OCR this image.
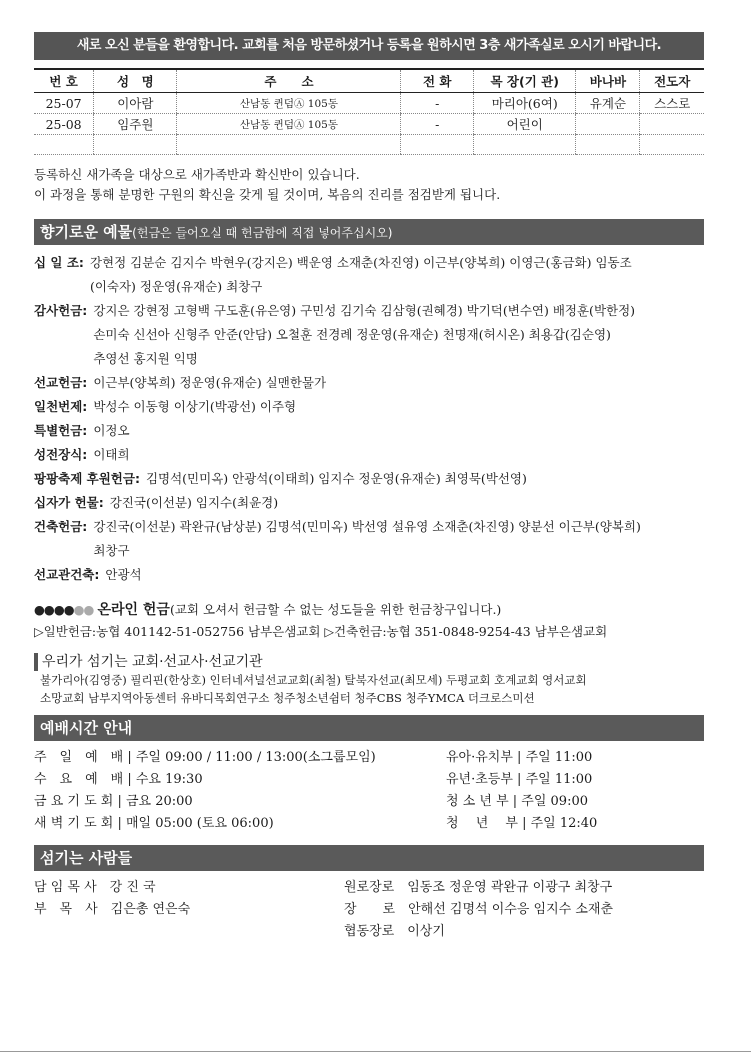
새로 오신 분들을 환영합니다. 교회를 처음 방문하셨거나 등록을 원하시면 3층 새가족실로 오시기 바랍니다.
번 호	성　명	주　　소	전 화	목 장(기 관)	바나바	전도자
25-07	이아람	산남동 퀸덤Ⓐ 105동	-	마리아(6여)	유계순	스스로
25-08	임주원	산남동 퀸덤Ⓐ 105동	-	어린이		

등록하신 새가족을 대상으로 새가족반과 확신반이 있습니다.
이 과정을 통해 분명한 구원의 확신을 갖게 될 것이며, 복음의 진리를 점검받게 됩니다.
향기로운 예물(헌금은 들어오실 때 헌금함에 직접 넣어주십시오)
십 일 조: 강현정 김분순 김지수 박현우(강지은) 백운영 소재춘(차진영) 이근부(양복희) 이영근(홍금화) 임동조
(이숙자) 정운영(유재순) 최창구
감사헌금: 강지은 강현정 고형백 구도훈(유은영) 구민성 김기숙 김삼형(권혜경) 박기덕(변수연) 배정훈(박한정)
손미숙 신선아 신형주 안준(안담) 오철훈 전경례 정운영(유재순) 천명재(허시온) 최용갑(김순영)
추영선 홍지원 익명
선교헌금: 이근부(양복희) 정운영(유재순) 실맨한물가
일천번제: 박성수 이동형 이상기(박광선) 이주형
특별헌금: 이정오
성전장식: 이태희
팡팡축제 후원헌금: 김명석(민미옥) 안광석(이태희) 임지수 정운영(유재순) 최영묵(박선영)
십자가 헌물: 강진국(이선분) 임지수(최윤경)
건축헌금: 강진국(이선분) 곽완규(남상분) 김명석(민미옥) 박선영 설유영 소재춘(차진영) 양분선 이근부(양복희)
최창구
선교관건축: 안광석
●●●●●● 온라인 헌금(교회 오셔서 헌금할 수 없는 성도들을 위한 헌금창구입니다.)
▷일반헌금:농협 401142-51-052756 남부은샘교회 ▷건축헌금:농협 351-0848-9254-43 남부은샘교회
우리가 섬기는 교회·선교사·선교기관
불가리아(김영중) 필리핀(한상호) 인터네셔널선교교회(최철) 탈북자선교(최모세) 두평교회 호계교회 영서교회
소망교회 남부지역아동센터 유바디목회연구소 청주청소년쉼터 청주CBS 청주YMCA 더크로스미션
예배시간 안내
주　일　예　배 | 주일 09:00 / 11:00 / 13:00(소그룹모임)
수　요　예　배 | 수요 19:30
금 요 기 도 회 | 금요 20:00
새 벽 기 도 회 | 매일 05:00 (토요 06:00)
유아·유치부 | 주일 11:00
유년·초등부 | 주일 11:00
청 소 년 부 | 주일 09:00
청　 년　 부 | 주일 12:40
섬기는 사람들
담 임 목 사　강 진 국
부　목　사　김은총 연은숙
원로장로　임동조 정운영 곽완규 이광구 최창구
장　　로　안해선 김명석 이수응 임지수 소재춘
협동장로　이상기
